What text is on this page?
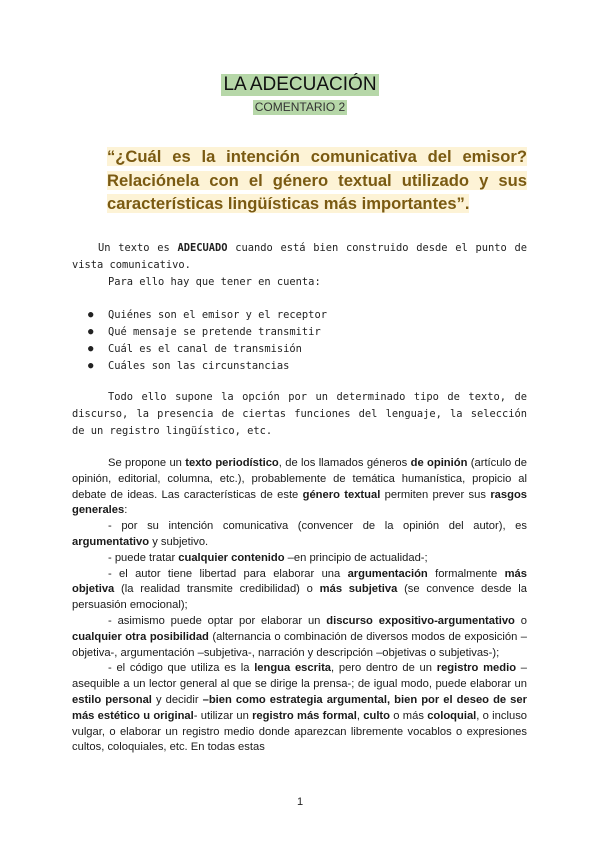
LA ADECUACIÓN
COMENTARIO 2
“¿Cuál es la intención comunicativa del emisor? Relaciónela con el género textual utilizado y sus características lingüísticas más importantes”.
Un texto es ADECUADO cuando está bien construido desde el punto de vista comunicativo.
Para ello hay que tener en cuenta:
● Quiénes son el emisor y el receptor
● Qué mensaje se pretende transmitir
● Cuál es el canal de transmisión
● Cuáles son las circunstancias
Todo ello supone la opción por un determinado tipo de texto, de discurso, la presencia de ciertas funciones del lenguaje, la selección de un registro lingüístico, etc.
Se propone un texto periodístico, de los llamados géneros de opinión (artículo de opinión, editorial, columna, etc.), probablemente de temática humanística, propicio al debate de ideas. Las características de este género textual permiten prever sus rasgos generales:
- por su intención comunicativa (convencer de la opinión del autor), es argumentativo y subjetivo.
- puede tratar cualquier contenido –en principio de actualidad-;
- el autor tiene libertad para elaborar una argumentación formalmente más objetiva (la realidad transmite credibilidad) o más subjetiva (se convence desde la persuasión emocional);
- asimismo puede optar por elaborar un discurso expositivo-argumentativo o cualquier otra posibilidad (alternancia o combinación de diversos modos de exposición –objetiva-, argumentación –subjetiva-, narración y descripción –objetivas o subjetivas-);
- el código que utiliza es la lengua escrita, pero dentro de un registro medio –asequible a un lector general al que se dirige la prensa-; de igual modo, puede elaborar un estilo personal y decidir –bien como estrategia argumental, bien por el deseo de ser más estético u original- utilizar un registro más formal, culto o más coloquial, o incluso vulgar, o elaborar un registro medio donde aparezcan libremente vocablos o expresiones cultos, coloquiales, etc. En todas estas
1
